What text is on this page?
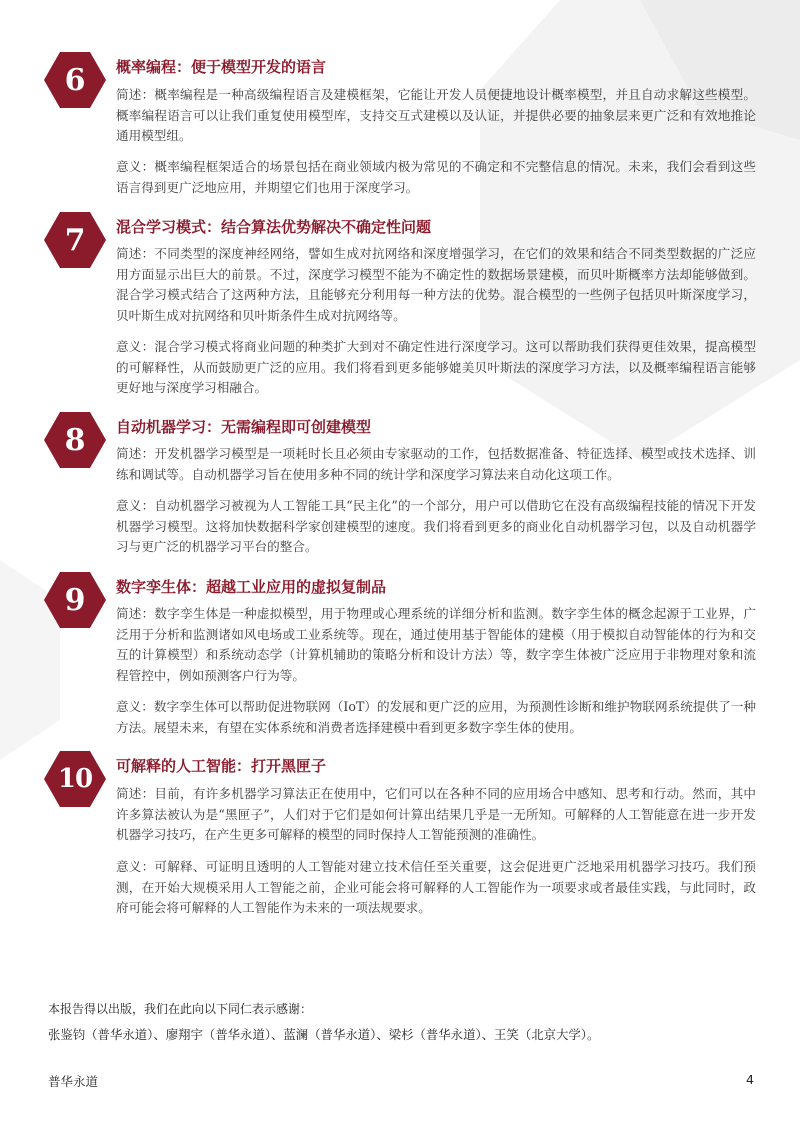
6	概率编程：便于模型开发的语言

简述：概率编程是一种高级编程语言及建模框架，它能让开发人员便捷地设计概率模型，并且自动求解这些模型。概率编程语言可以让我们重复使用模型库，支持交互式建模以及认证，并提供必要的抽象层来更广泛和有效地推论通用模型组。

意义：概率编程框架适合的场景包括在商业领域内极为常见的不确定和不完整信息的情况。未来，我们会看到这些语言得到更广泛地应用，并期望它们也用于深度学习。

7	混合学习模式：结合算法优势解决不确定性问题

简述：不同类型的深度神经网络，譬如生成对抗网络和深度增强学习，在它们的效果和结合不同类型数据的广泛应用方面显示出巨大的前景。不过，深度学习模型不能为不确定性的数据场景建模，而贝叶斯概率方法却能够做到。混合学习模式结合了这两种方法，且能够充分利用每一种方法的优势。混合模型的一些例子包括贝叶斯深度学习，贝叶斯生成对抗网络和贝叶斯条件生成对抗网络等。

意义：混合学习模式将商业问题的种类扩大到对不确定性进行深度学习。这可以帮助我们获得更佳效果，提高模型的可解释性，从而鼓励更广泛的应用。我们将看到更多能够媲美贝叶斯法的深度学习方法，以及概率编程语言能够更好地与深度学习相融合。

8	自动机器学习：无需编程即可创建模型

简述：开发机器学习模型是一项耗时长且必须由专家驱动的工作，包括数据准备、特征选择、模型或技术选择、训练和调试等。自动机器学习旨在使用多种不同的统计学和深度学习算法来自动化这项工作。

意义：自动机器学习被视为人工智能工具“民主化”的一个部分，用户可以借助它在没有高级编程技能的情况下开发机器学习模型。这将加快数据科学家创建模型的速度。我们将看到更多的商业化自动机器学习包，以及自动机器学习与更广泛的机器学习平台的整合。

9	数字孪生体：超越工业应用的虚拟复制品

简述：数字孪生体是一种虚拟模型，用于物理或心理系统的详细分析和监测。数字孪生体的概念起源于工业界，广泛用于分析和监测诸如风电场或工业系统等。现在，通过使用基于智能体的建模（用于模拟自动智能体的行为和交互的计算模型）和系统动态学（计算机辅助的策略分析和设计方法）等，数字孪生体被广泛应用于非物理对象和流程管控中，例如预测客户行为等。

意义：数字孪生体可以帮助促进物联网（IoT）的发展和更广泛的应用，为预测性诊断和维护物联网系统提供了一种方法。展望未来，有望在实体系统和消费者选择建模中看到更多数字孪生体的使用。

10	可解释的人工智能：打开黑匣子

简述：目前，有许多机器学习算法正在使用中，它们可以在各种不同的应用场合中感知、思考和行动。然而，其中许多算法被认为是“黑匣子”，人们对于它们是如何计算出结果几乎是一无所知。可解释的人工智能意在进一步开发机器学习技巧，在产生更多可解释的模型的同时保持人工智能预测的准确性。

意义：可解释、可证明且透明的人工智能对建立技术信任至关重要，这会促进更广泛地采用机器学习技巧。我们预测，在开始大规模采用人工智能之前，企业可能会将可解释的人工智能作为一项要求或者最佳实践，与此同时，政府可能会将可解释的人工智能作为未来的一项法规要求。

本报告得以出版，我们在此向以下同仁表示感谢：
张鉴钧（普华永道）、廖翔宇（普华永道）、蓝澜（普华永道）、梁杉（普华永道）、王笑（北京大学）。
普华永道	4
